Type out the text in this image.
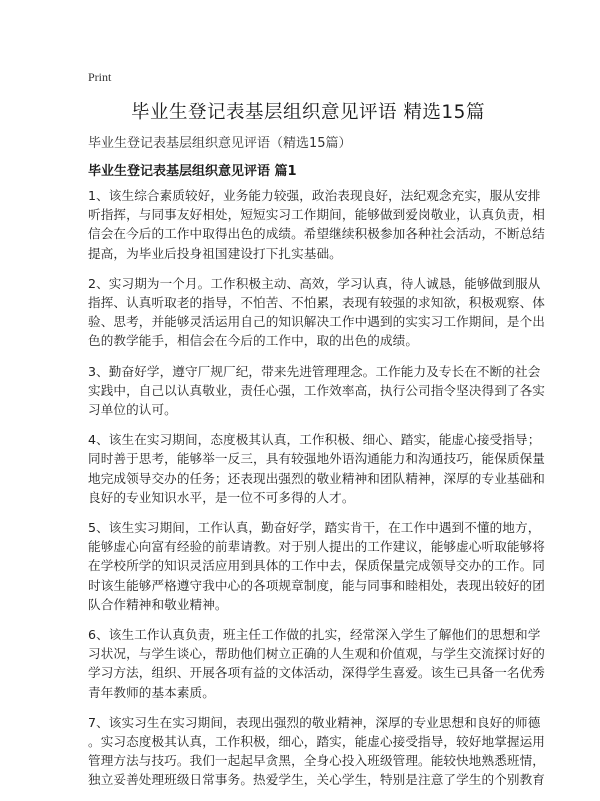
Print
毕业生登记表基层组织意见评语 精选15篇
毕业生登记表基层组织意见评语（精选15篇）
毕业生登记表基层组织意见评语 篇1
1、该生综合素质较好，业务能力较强，政治表现良好，法纪观念充实，服从安排
听指挥，与同事友好相处，短短实习工作期间，能够做到爱岗敬业，认真负责，相
信会在今后的工作中取得出色的成绩。希望继续积极参加各种社会活动，不断总结
提高，为毕业后投身祖国建设打下扎实基础。
2、实习期为一个月。工作积极主动、高效，学习认真，待人诚恳，能够做到服从
指挥、认真听取老的指导，不怕苦、不怕累，表现有较强的求知欲，积极观察、体
验、思考，并能够灵活运用自己的知识解决工作中遇到的实实习工作期间，是个出
色的教学能手，相信会在今后的工作中，取的出色的成绩。
3、勤奋好学，遵守厂规厂纪，带来先进管理理念。工作能力及专长在不断的社会
实践中，自己以认真敬业，责任心强，工作效率高，执行公司指令坚决得到了各实
习单位的认可。
4、该生在实习期间，态度极其认真，工作积极、细心、踏实，能虚心接受指导；
同时善于思考，能够举一反三，具有较强地外语沟通能力和沟通技巧，能保质保量
地完成领导交办的任务；还表现出强烈的敬业精神和团队精神，深厚的专业基础和
良好的专业知识水平，是一位不可多得的人才。
5、该生实习期间，工作认真，勤奋好学，踏实肯干，在工作中遇到不懂的地方，
能够虚心向富有经验的前辈请教。对于别人提出的工作建议，能够虚心听取能够将
在学校所学的知识灵活应用到具体的工作中去，保质保量完成领导交办的工作。同
时该生能够严格遵守我中心的各项规章制度，能与同事和睦相处，表现出较好的团
队合作精神和敬业精神。
6、该生工作认真负责，班主任工作做的扎实，经常深入学生了解他们的思想和学
习状况，与学生谈心，帮助他们树立正确的人生观和价值观，与学生交流探讨好的
学习方法，组织、开展各项有益的文体活动，深得学生喜爱。该生已具备一名优秀
青年教师的基本素质。
7、该实习生在实习期间，表现出强烈的敬业精神，深厚的专业思想和良好的师德
。实习态度极其认真，工作积极，细心，踏实，能虚心接受指导，较好地掌握运用
管理方法与技巧。我们一起起早贪黑，全身心投入班级管理。能较快地熟悉班情，
独立妥善处理班级日常事务。热爱学生，关心学生，特别是注意了学生的个别教育
